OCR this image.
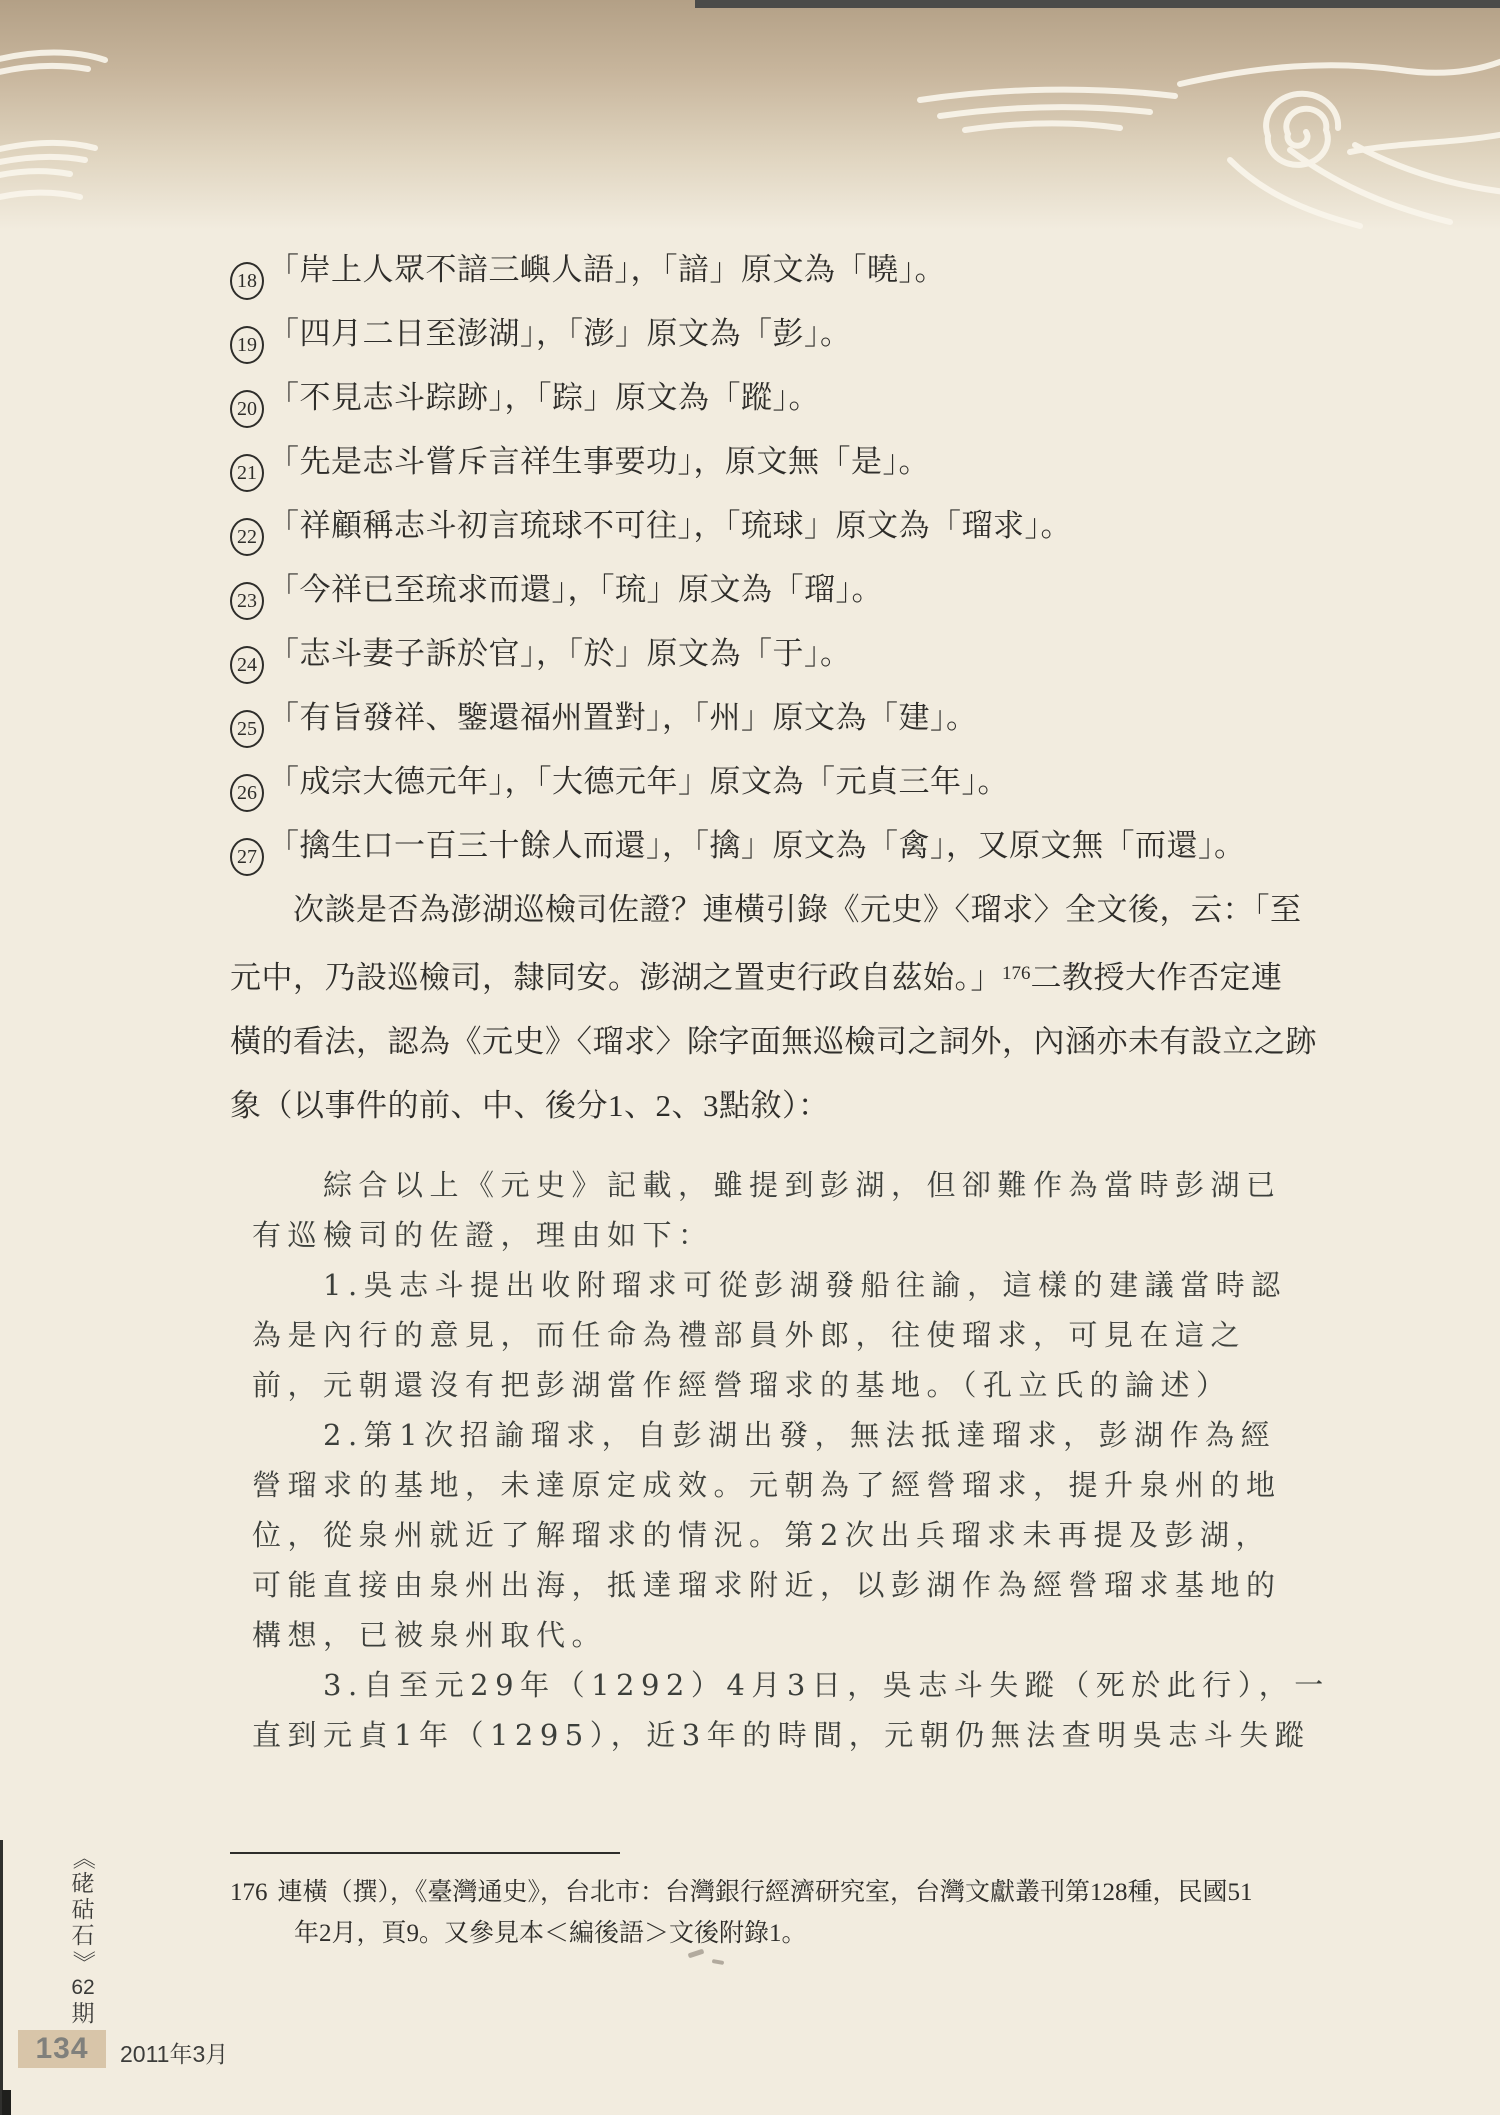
18 「岸上人眾不諳三嶼人語」，「諳」原文為「曉」。
19 「四月二日至澎湖」，「澎」原文為「彭」。
20 「不見志斗踪跡」，「踪」原文為「蹤」。
21 「先是志斗嘗斥言祥生事要功」，原文無「是」。
22 「祥顧稱志斗初言琉球不可往」，「琉球」原文為「瑠求」。
23 「今祥已至琉求而還」，「琉」原文為「瑠」。
24 「志斗妻子訴於官」，「於」原文為「于」。
25 「有旨發祥、鑒還福州置對」，「州」原文為「建」。
26 「成宗大德元年」，「大德元年」原文為「元貞三年」。
27 「擒生口一百三十餘人而還」，「擒」原文為「禽」，又原文無「而還」。
　　次談是否為澎湖巡檢司佐證？連橫引錄《元史》〈瑠求〉全文後，云：「至
元中，乃設巡檢司，隸同安。澎湖之置吏行政自茲始。」$^{176}$二教授大作否定連
橫的看法，認為《元史》〈瑠求〉除字面無巡檢司之詞外，內涵亦未有設立之跡
象（以事件的前、中、後分1、2、3點敘）：
　　綜合以上《元史》記載，雖提到彭湖，但卻難作為當時彭湖已
有巡檢司的佐證，理由如下：
　　1.吳志斗提出收附瑠求可從彭湖發船往諭，這樣的建議當時認
為是內行的意見，而任命為禮部員外郎，往使瑠求，可見在這之
前，元朝還沒有把彭湖當作經營瑠求的基地。（孔立氏的論述）
　　2.第1次招諭瑠求，自彭湖出發，無法抵達瑠求，彭湖作為經
營瑠求的基地，未達原定成效。元朝為了經營瑠求，提升泉州的地
位，從泉州就近了解瑠求的情況。第2次出兵瑠求未再提及彭湖，
可能直接由泉州出海，抵達瑠求附近，以彭湖作為經營瑠求基地的
構想，已被泉州取代。
　　3.自至元29年（1292）4月3日，吳志斗失蹤（死於此行），一
直到元貞1年（1295），近3年的時間，元朝仍無法查明吳志斗失蹤
176 連橫（撰），《臺灣通史》，台北市：台灣銀行經濟研究室，台灣文獻叢刊第128種，民國51
年2月，頁9。又參見本＜編後語＞文後附錄1。
《
硓
𥑮
石
》
62
期
134	2011年3月
